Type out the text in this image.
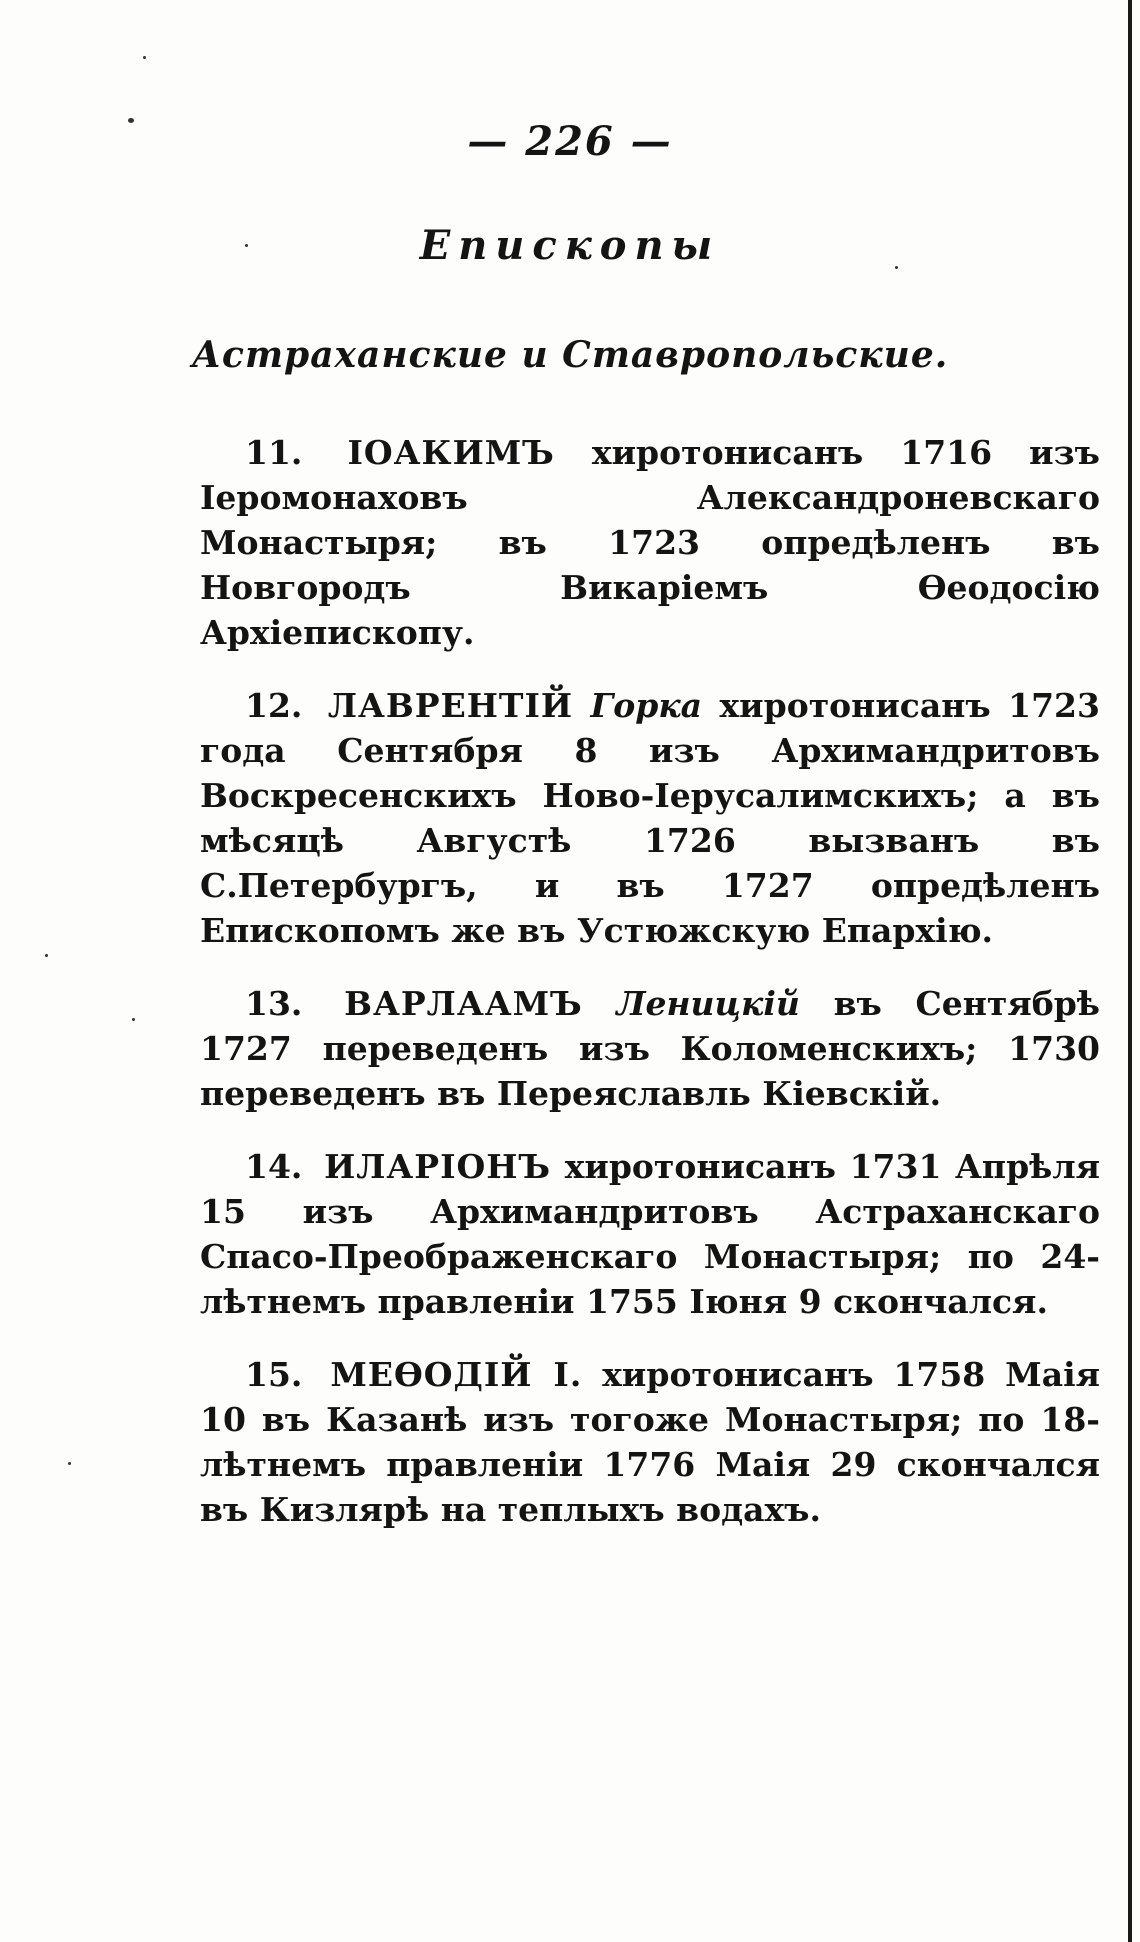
— 226 —
Епископы
Астраханские и Ставропольские.

11. ІОАКИМЪ хиротонисанъ 1716 изъ Іеромонаховъ Александроневскаго Монастыря; въ 1723 опредѣленъ въ Новгородъ Викаріемъ Ѳеодосію Архіепископу.

12. ЛАВРЕНТІЙ Горка хиротонисанъ 1723 года Сентября 8 изъ Архимандритовъ Воскресенскихъ Ново-Іерусалимскихъ; а въ мѣсяцѣ Августѣ 1726 вызванъ въ С.Петербургъ, и въ 1727 опредѣленъ Епископомъ же въ Устюжскую Епархію.

13. ВАРЛААМЪ Леницкій въ Сентябрѣ 1727 переведенъ изъ Коломенскихъ; 1730 переведенъ въ Переяславль Кіевскій.

14. ИЛАРІОНЪ хиротонисанъ 1731 Апрѣля 15 изъ Архимандритовъ Астраханскаго Спасо-Преображенскаго Монастыря; по 24-лѣтнемъ правленіи 1755 Іюня 9 скончался.

15. МЕѲОДІЙ I. хиротонисанъ 1758 Маія 10 въ Казанѣ изъ тогоже Монастыря; по 18-лѣтнемъ правленіи 1776 Маія 29 скончался въ Кизлярѣ на теплыхъ водахъ.
